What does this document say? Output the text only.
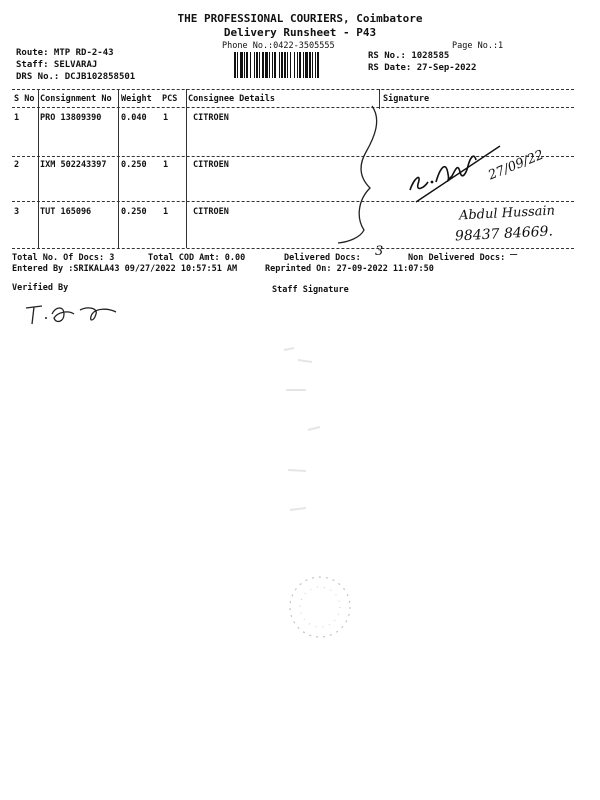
THE PROFESSIONAL COURIERS, Coimbatore
Delivery Runsheet - P43
Phone No.:0422-3505555	Page No.:1
Route: MTP RD-2-43
Staff: SELVARAJ
DRS No.: DCJB102858501
RS No.: 1028585
RS Date: 27-Sep-2022
S No Consignment No Weight PCS Consignee Details	Signature
1 PRO 13809390 0.040 1	CITROEN
2 IXM 502243397 0.250 1	CITROEN
3 TUT 165096	0.250 1	CITROEN
27/09/22
Abdul Hussain
98437 84669.
Total No. Of Docs: 3	Total COD Amt: 0.00	Delivered Docs: 3	Non Delivered Docs: —
Entered By :SRIKALA43 09/27/2022 10:57:51 AM	Reprinted On: 27-09-2022 11:07:50
Verified By	Staff Signature
